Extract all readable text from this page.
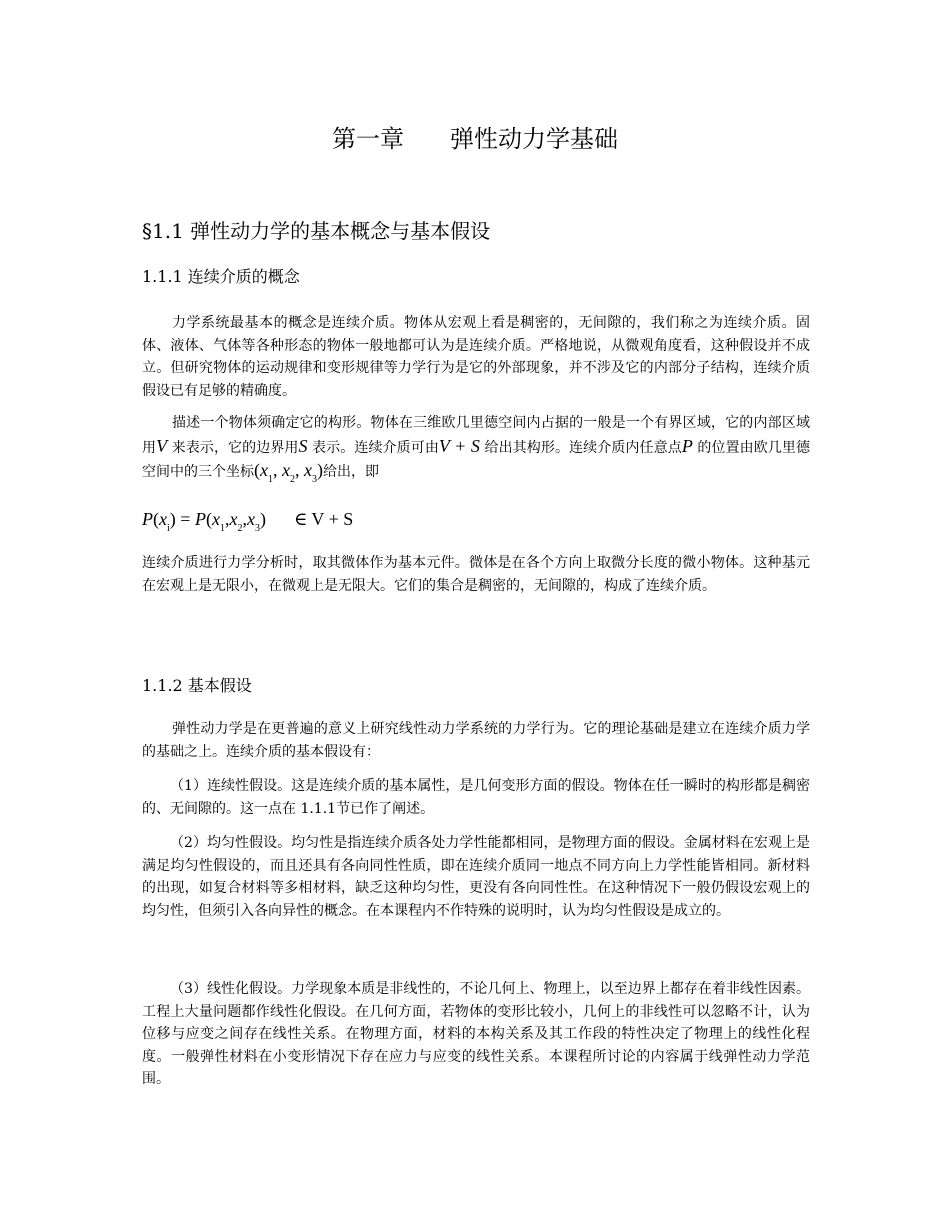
第一章 弹性动力学基础
§1.1 弹性动力学的基本概念与基本假设
1.1.1 连续介质的概念

力学系统最基本的概念是连续介质。物体从宏观上看是稠密的，无间隙的，我们称之为连续介质。固体、液体、气体等各种形态的物体一般地都可认为是连续介质。严格地说，从微观角度看，这种假设并不成立。但研究物体的运动规律和变形规律等力学行为是它的外部现象，并不涉及它的内部分子结构，连续介质假设已有足够的精确度。

描述一个物体须确定它的构形。物体在三维欧几里德空间内占据的一般是一个有界区域，它的内部区域用V 来表示，它的边界用S 表示。连续介质可由V + S 给出其构形。连续介质内任意点P 的位置由欧几里德空间中的三个坐标($x_1$, $x_2$, $x_3$)给出，即

$P(x_i) = P(x_1,x_2,x_3)$ ∈ V + S

连续介质进行力学分析时，取其微体作为基本元件。微体是在各个方向上取微分长度的微小物体。这种基元在宏观上是无限小，在微观上是无限大。它们的集合是稠密的，无间隙的，构成了连续介质。

1.1.2 基本假设

弹性动力学是在更普遍的意义上研究线性动力学系统的力学行为。它的理论基础是建立在连续介质力学的基础之上。连续介质的基本假设有：

（1）连续性假设。这是连续介质的基本属性，是几何变形方面的假设。物体在任一瞬时的构形都是稠密的、无间隙的。这一点在 1.1.1节已作了阐述。

（2）均匀性假设。均匀性是指连续介质各处力学性能都相同，是物理方面的假设。金属材料在宏观上是满足均匀性假设的，而且还具有各向同性性质，即在连续介质同一地点不同方向上力学性能皆相同。新材料的出现，如复合材料等多相材料，缺乏这种均匀性，更没有各向同性性。在这种情况下一般仍假设宏观上的均匀性，但须引入各向异性的概念。在本课程内不作特殊的说明时，认为均匀性假设是成立的。

（3）线性化假设。力学现象本质是非线性的，不论几何上、物理上，以至边界上都存在着非线性因素。工程上大量问题都作线性化假设。在几何方面，若物体的变形比较小，几何上的非线性可以忽略不计，认为位移与应变之间存在线性关系。在物理方面，材料的本构关系及其工作段的特性决定了物理上的线性化程度。一般弹性材料在小变形情况下存在应力与应变的线性关系。本课程所讨论的内容属于线弹性动力学范围。
